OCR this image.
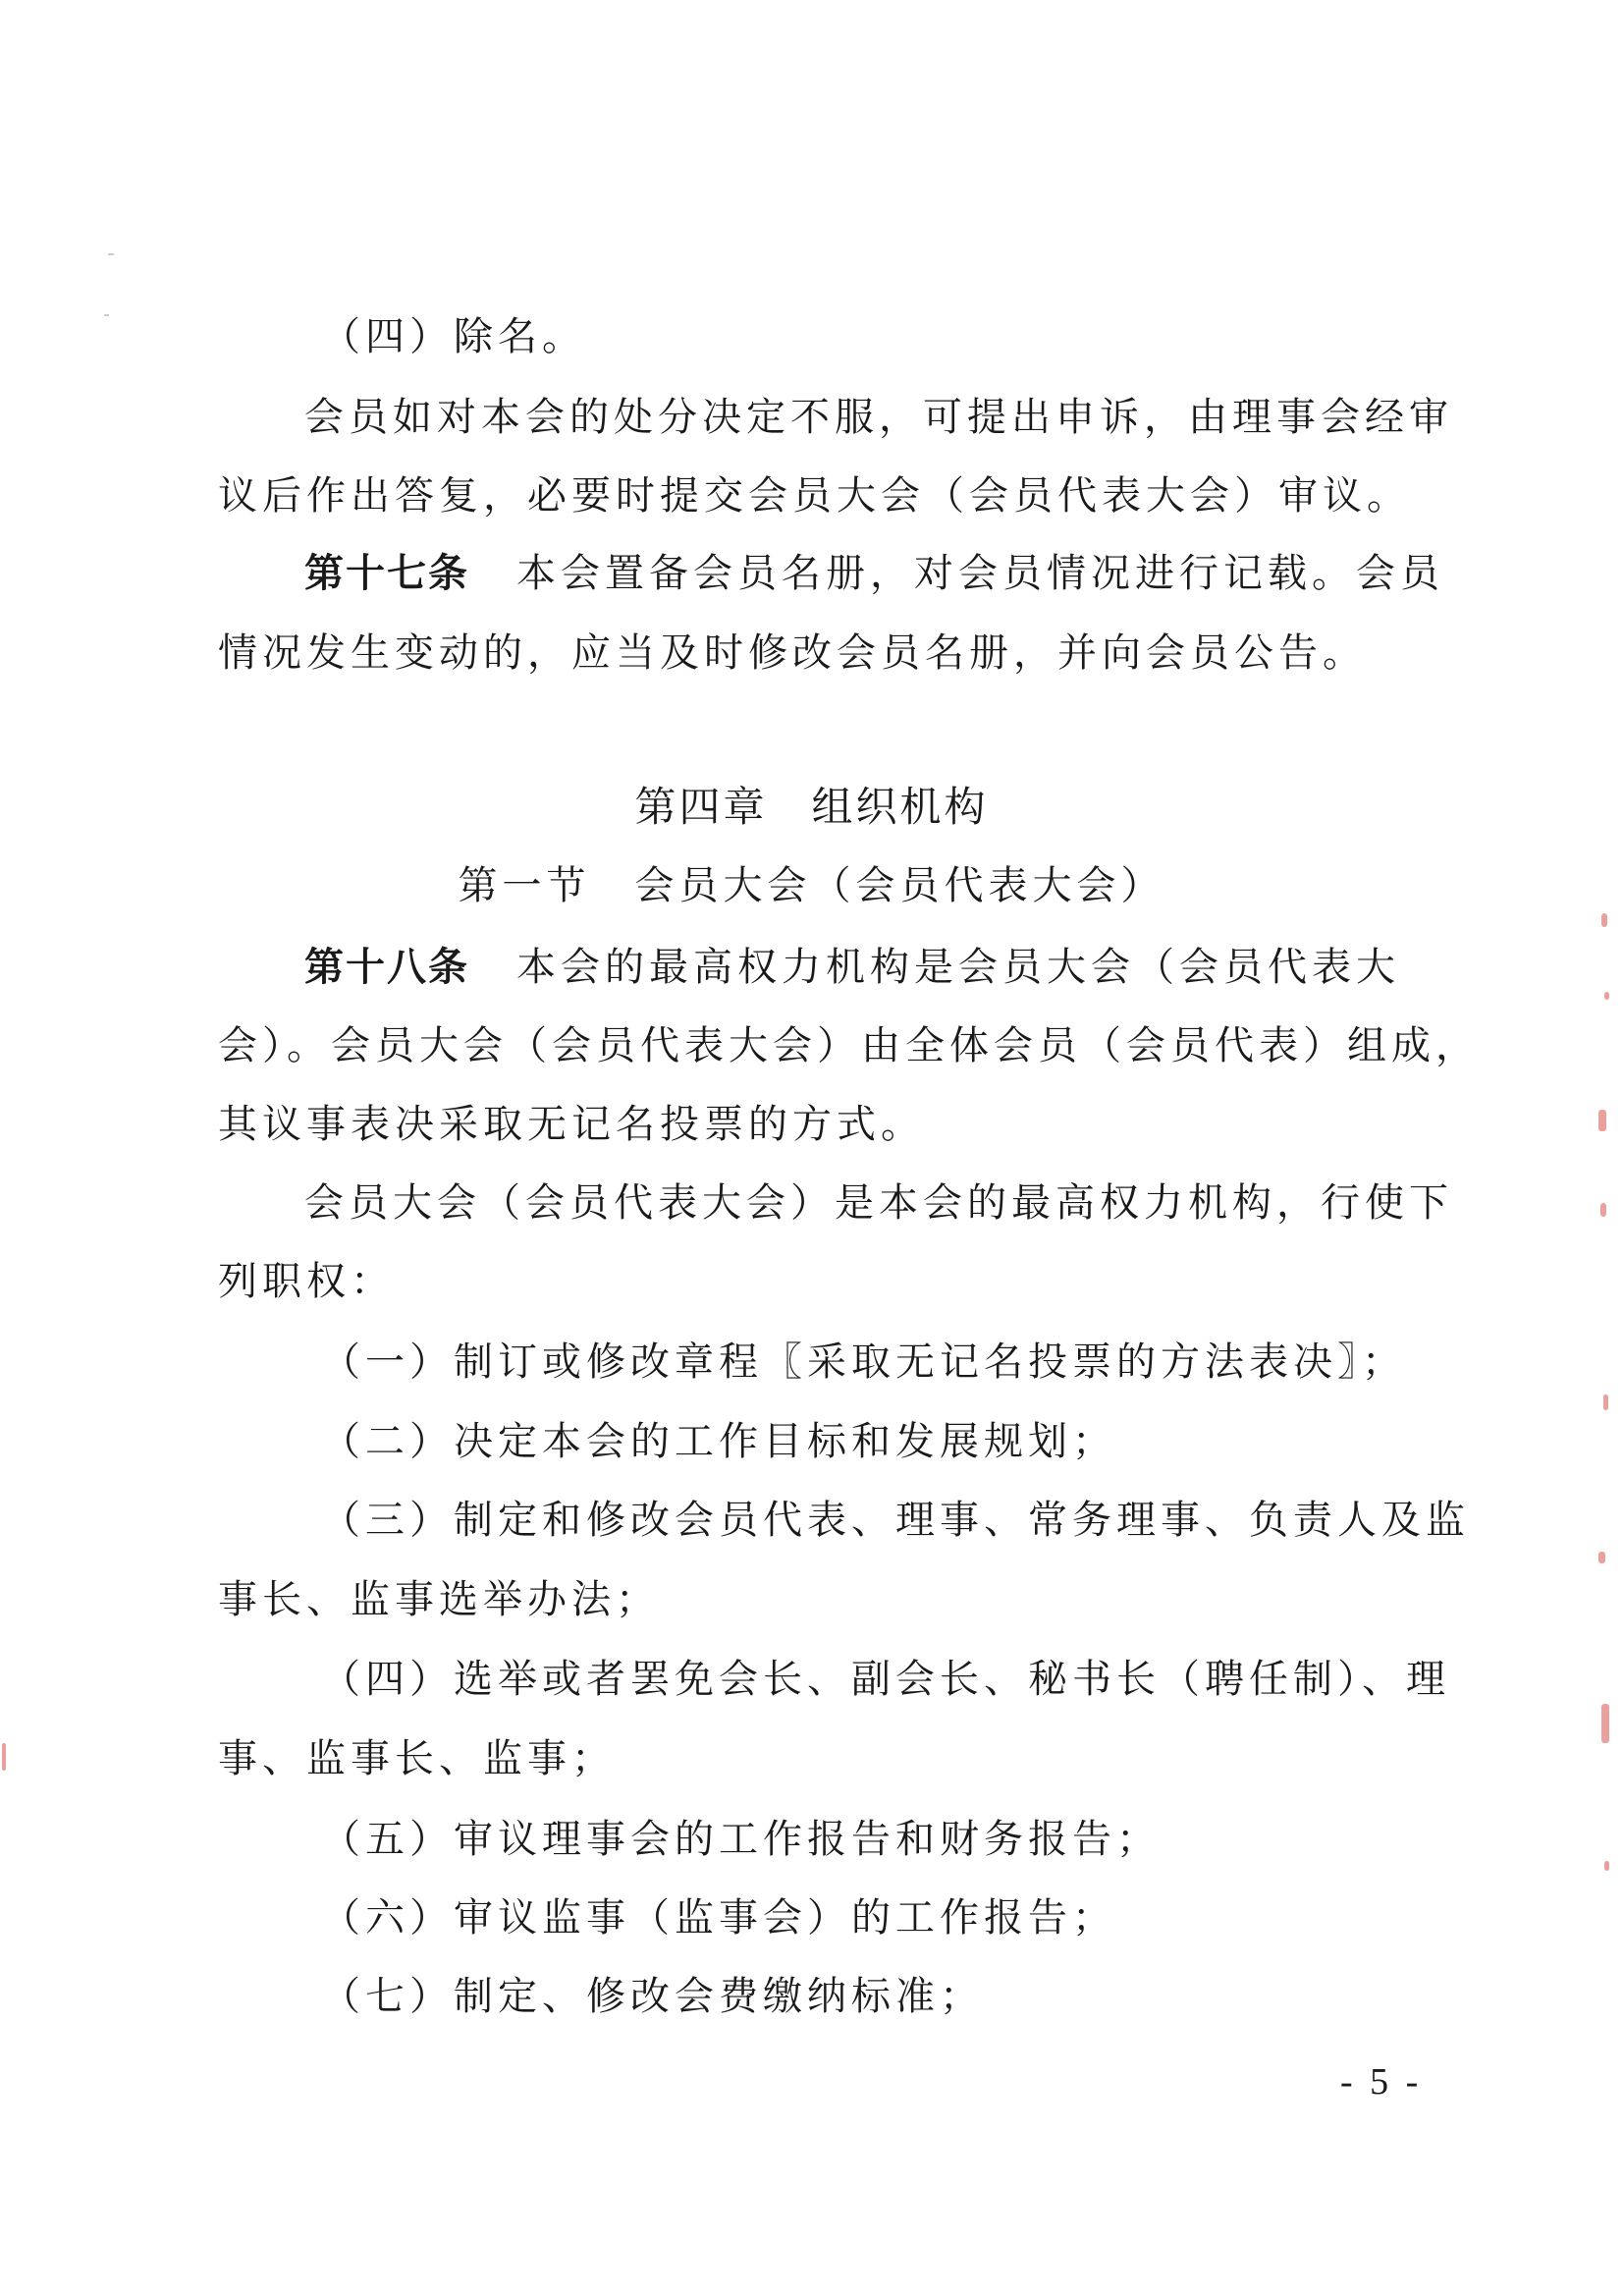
（四）除名。
会员如对本会的处分决定不服，可提出申诉，由理事会经审
议后作出答复，必要时提交会员大会（会员代表大会）审议。
第十七条 本会置备会员名册，对会员情况进行记载。会员
情况发生变动的，应当及时修改会员名册，并向会员公告。
第四章　组织机构
第一节　会员大会（会员代表大会）
第十八条 本会的最高权力机构是会员大会（会员代表大
会）。会员大会（会员代表大会）由全体会员（会员代表）组成，
其议事表决采取无记名投票的方式。
会员大会（会员代表大会）是本会的最高权力机构，行使下
列职权：
（一）制订或修改章程〖采取无记名投票的方法表决〗；
（二）决定本会的工作目标和发展规划；
（三）制定和修改会员代表、理事、常务理事、负责人及监
事长、监事选举办法；
（四）选举或者罢免会长、副会长、秘书长（聘任制）、理
事、监事长、监事；
（五）审议理事会的工作报告和财务报告；
（六）审议监事（监事会）的工作报告；
（七）制定、修改会费缴纳标准；
- 5 -
